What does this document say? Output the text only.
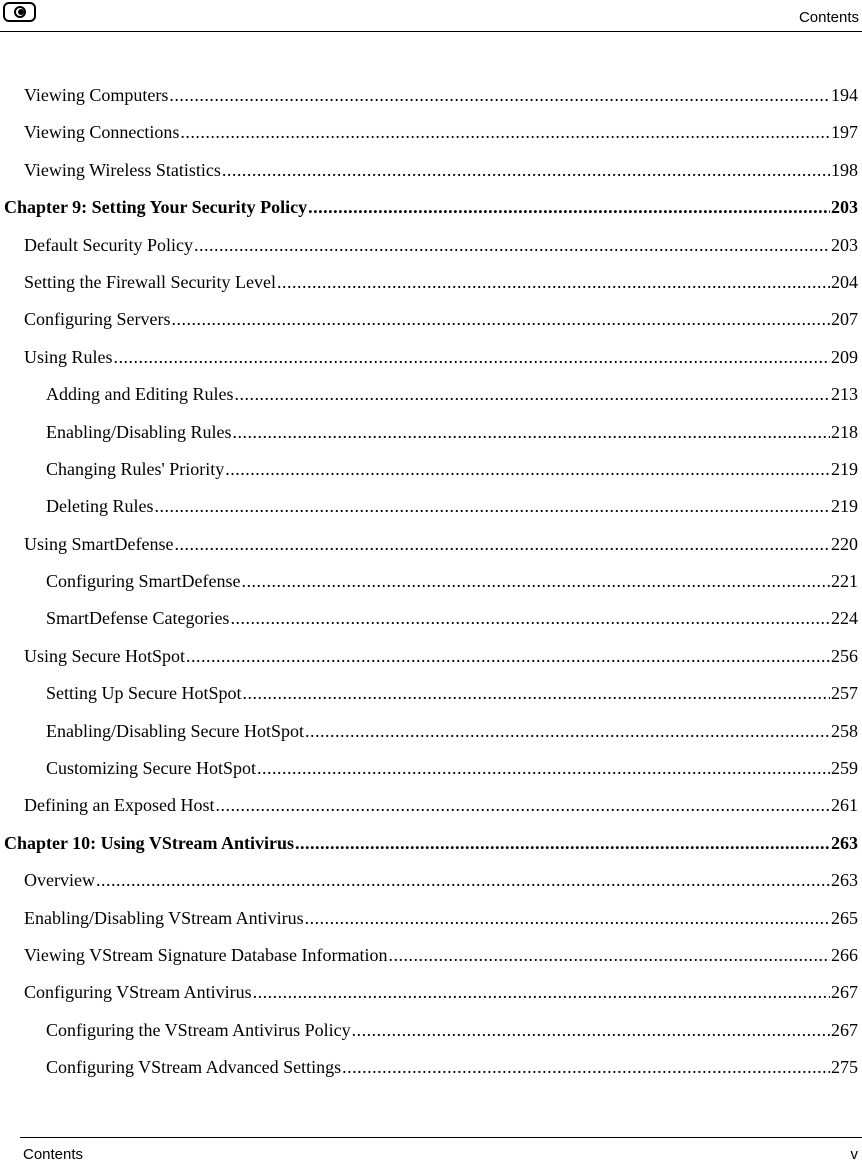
Contents
Viewing Computers .....	194
Viewing Connections .....	197
Viewing Wireless Statistics .....	198
Chapter 9: Setting Your Security Policy .....	203
Default Security Policy .....	203
Setting the Firewall Security Level .....	204
Configuring Servers .....	207
Using Rules .....	209
Adding and Editing Rules .....	213
Enabling/Disabling Rules .....	218
Changing Rules' Priority .....	219
Deleting Rules .....	219
Using SmartDefense .....	220
Configuring SmartDefense .....	221
SmartDefense Categories .....	224
Using Secure HotSpot .....	256
Setting Up Secure HotSpot .....	257
Enabling/Disabling Secure HotSpot .....	258
Customizing Secure HotSpot .....	259
Defining an Exposed Host .....	261
Chapter 10: Using VStream Antivirus .....	263
Overview .....	263
Enabling/Disabling VStream Antivirus .....	265
Viewing VStream Signature Database Information .....	266
Configuring VStream Antivirus .....	267
Configuring the VStream Antivirus Policy .....	267
Configuring VStream Advanced Settings .....	275
Contents	v
